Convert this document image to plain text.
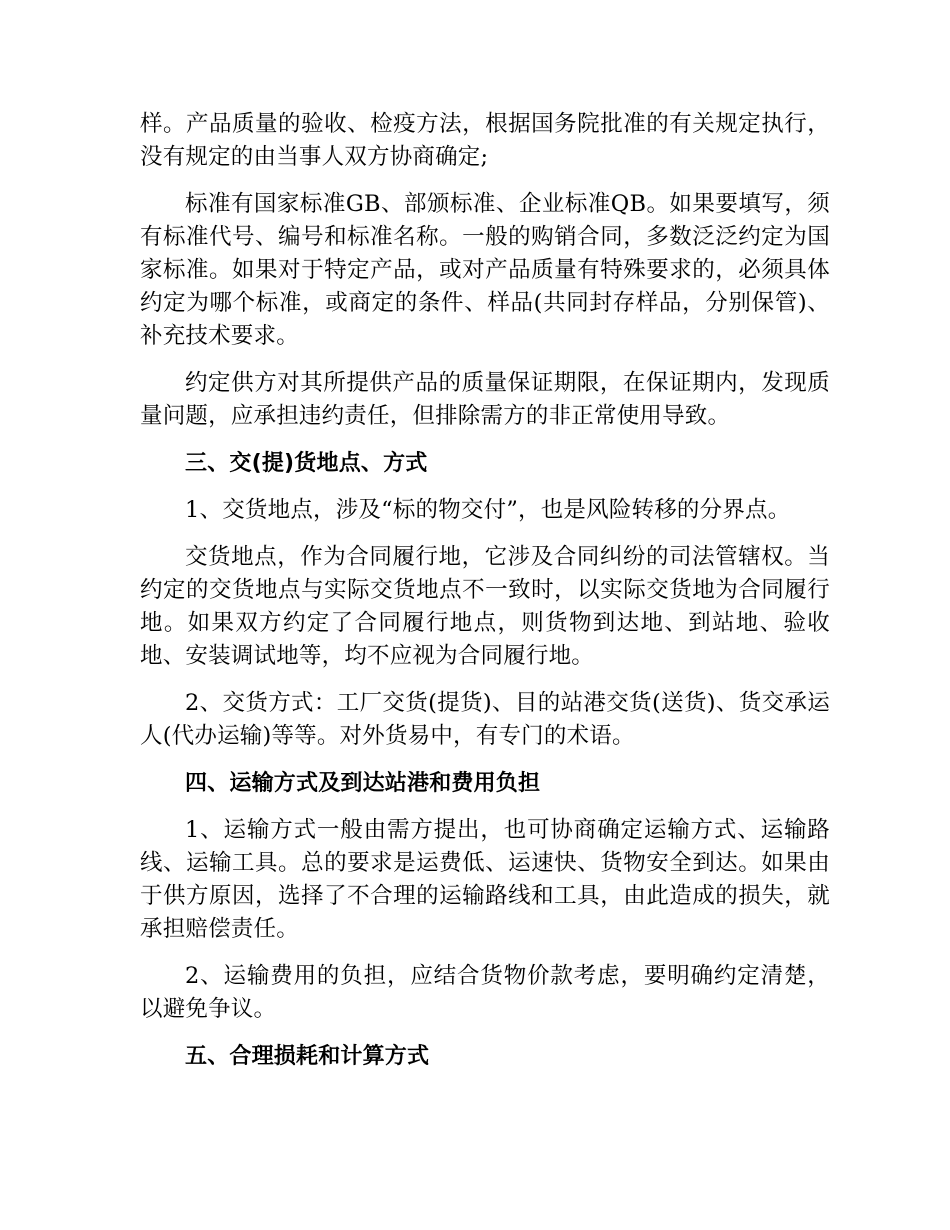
样。产品质量的验收、检疫方法，根据国务院批准的有关规定执行，没有规定的由当事人双方协商确定;

标准有国家标准GB、部颁标准、企业标准QB。如果要填写，须有标准代号、编号和标准名称。一般的购销合同，多数泛泛约定为国家标准。如果对于特定产品，或对产品质量有特殊要求的，必须具体约定为哪个标准，或商定的条件、样品(共同封存样品，分别保管)、补充技术要求。

约定供方对其所提供产品的质量保证期限，在保证期内，发现质量问题，应承担违约责任，但排除需方的非正常使用导致。

三、交(提)货地点、方式

1、交货地点，涉及“标的物交付”，也是风险转移的分界点。

交货地点，作为合同履行地，它涉及合同纠纷的司法管辖权。当约定的交货地点与实际交货地点不一致时，以实际交货地为合同履行地。如果双方约定了合同履行地点，则货物到达地、到站地、验收地、安装调试地等，均不应视为合同履行地。

2、交货方式：工厂交货(提货)、目的站港交货(送货)、货交承运人(代办运输)等等。对外货易中，有专门的术语。

四、运输方式及到达站港和费用负担

1、运输方式一般由需方提出，也可协商确定运输方式、运输路线、运输工具。总的要求是运费低、运速快、货物安全到达。如果由于供方原因，选择了不合理的运输路线和工具，由此造成的损失，就承担赔偿责任。

2、运输费用的负担，应结合货物价款考虑，要明确约定清楚，以避免争议。

五、合理损耗和计算方式
